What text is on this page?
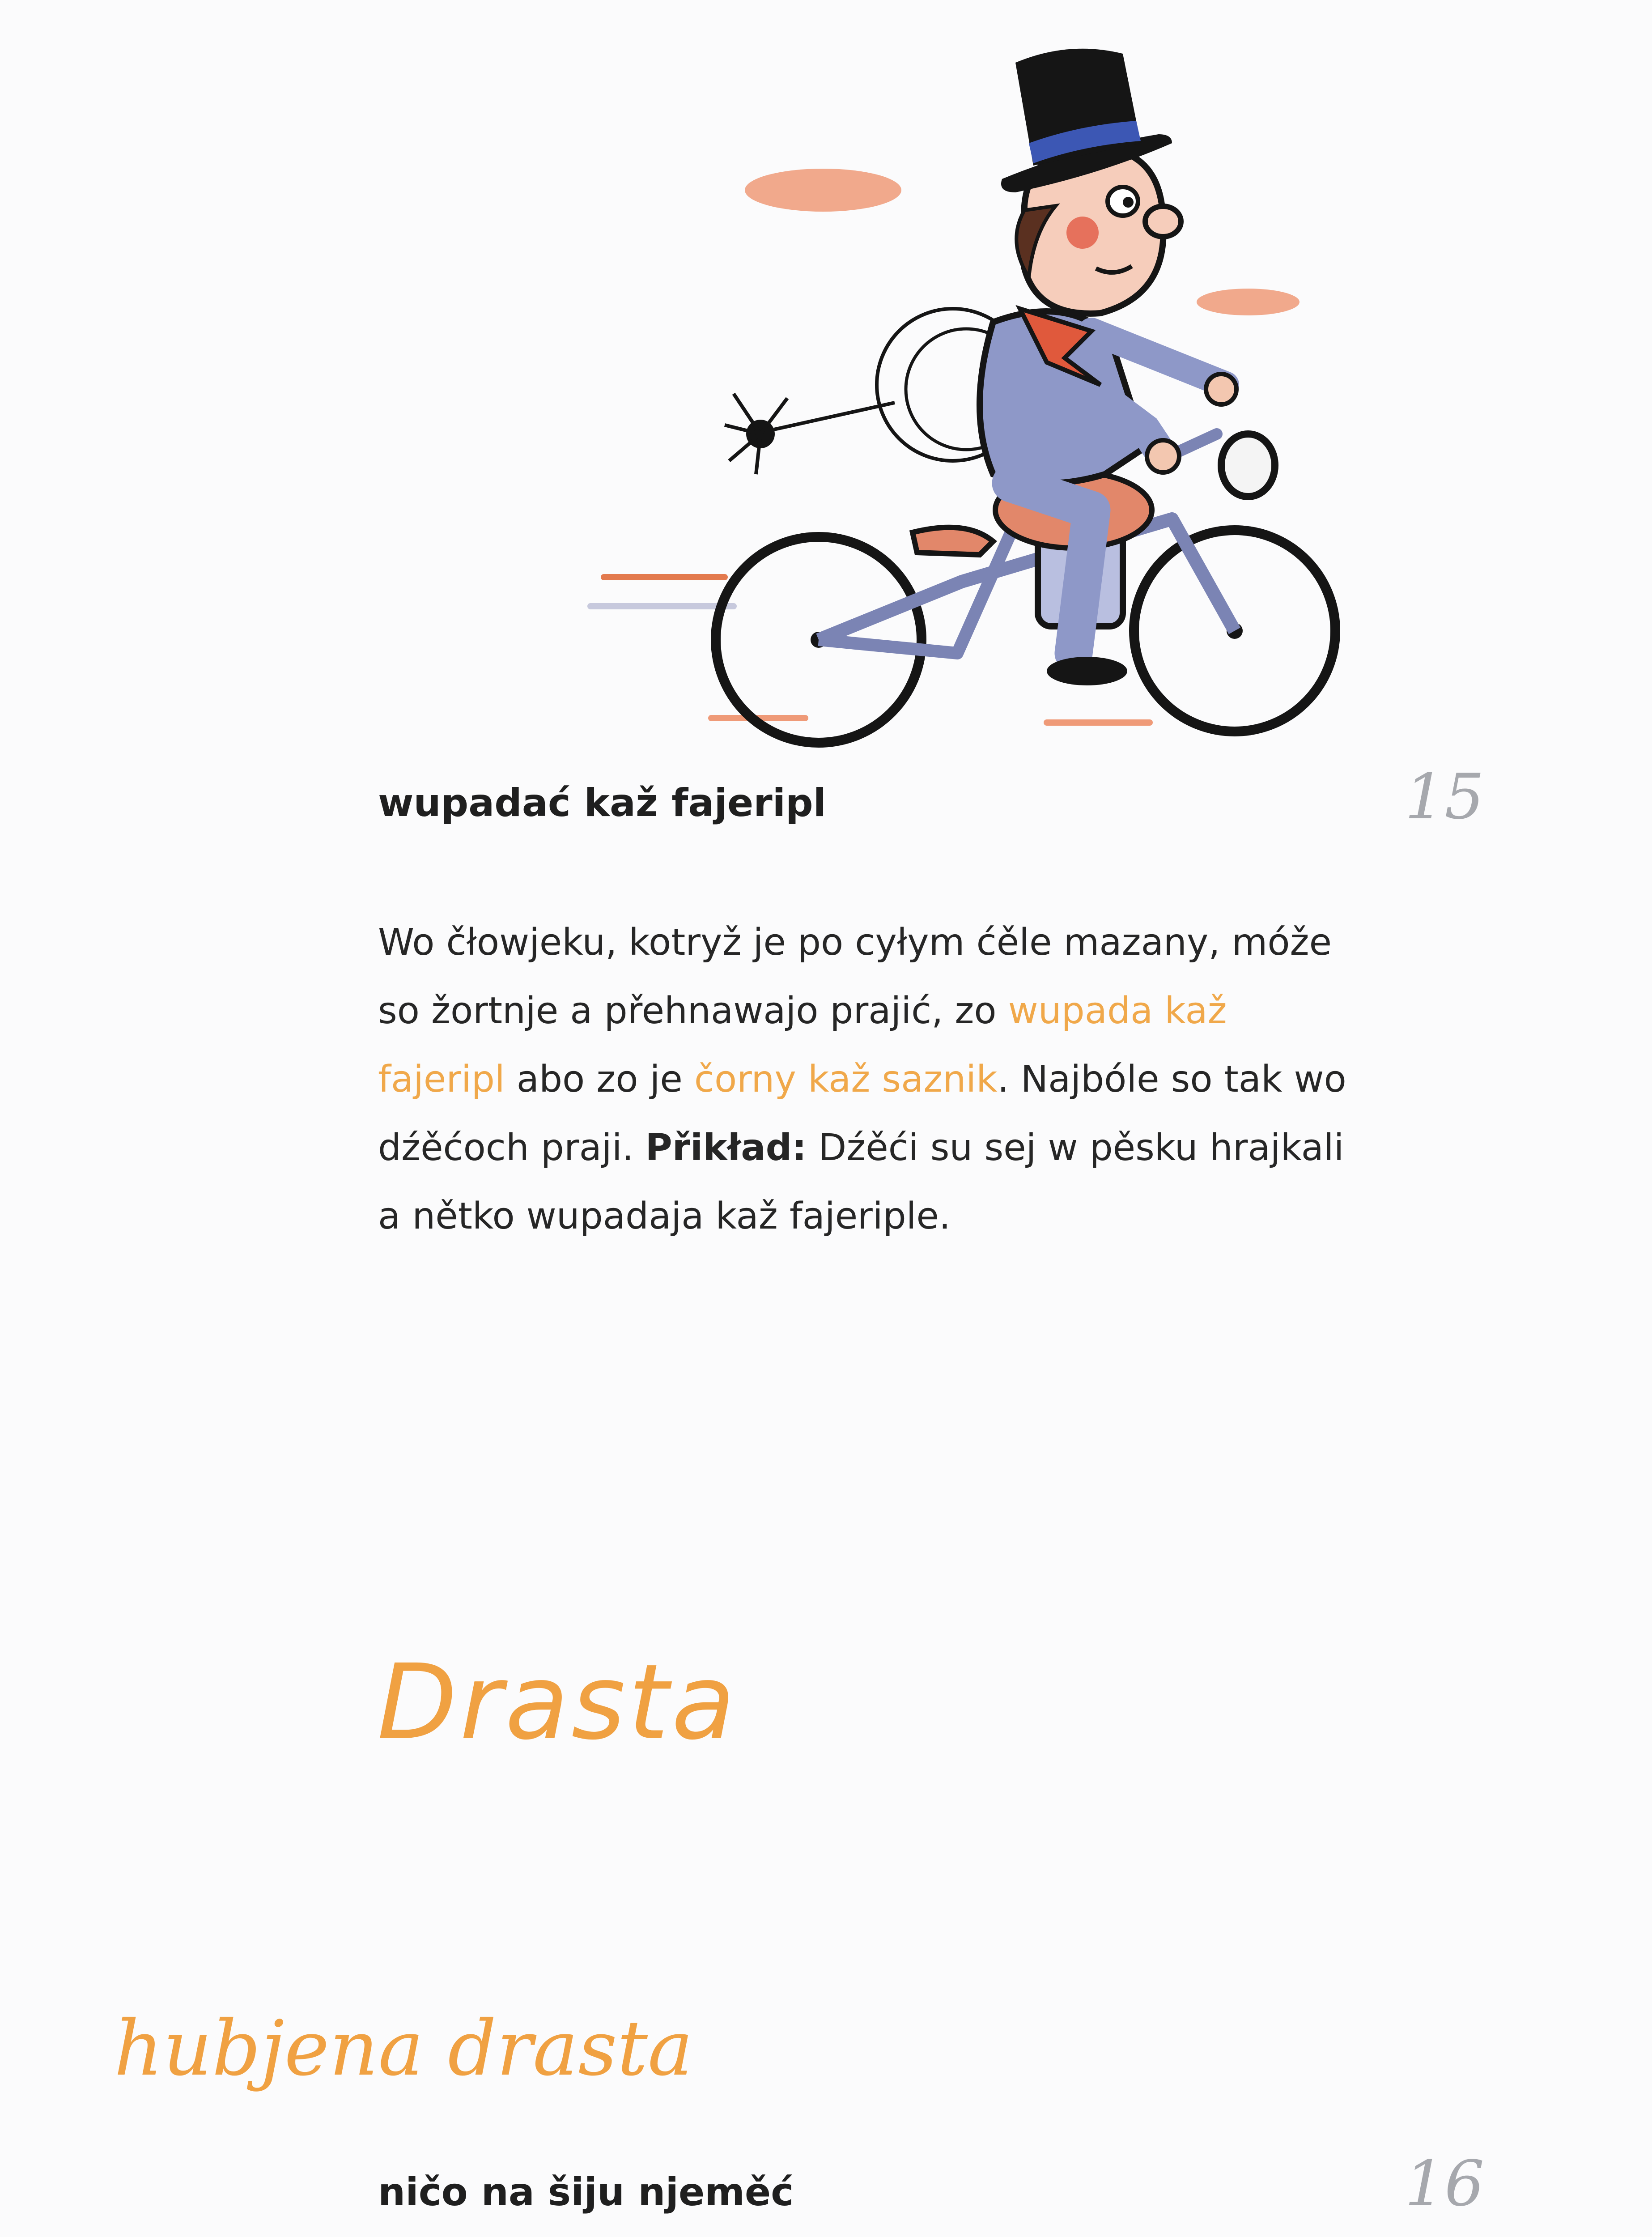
wupadać kaž fajeripl	15
Wo čłowjeku, kotryž je po cyłym ćěle mazany, móže so žortnje a přehnawajo prajić, zo wupada kaž fajeripl abo zo je čorny kaž saznik. Najbóle so tak wo dźěćoch praji. Přikład: Dźěći su sej w pěsku hrajkali a nětko wupadaja kaž fajeriple.
Drasta
hubjena drasta
ničo na šiju njeměć	16
